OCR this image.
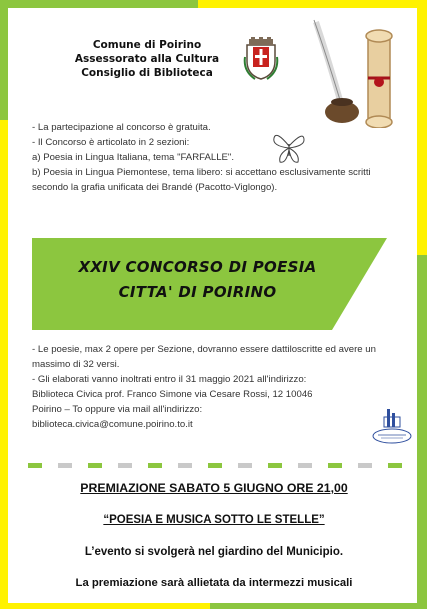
Comune di Poirino
Assessorato alla Cultura
Consiglio di Biblioteca

- La partecipazione al concorso è gratuita.

- Il Concorso è articolato in 2 sezioni:

a) Poesia in Lingua Italiana, tema "FARFALLE".

b) Poesia in Lingua Piemontese, tema libero: si accettano esclusivamente scritti secondo la grafia unificata dei Brandé (Pacotto-Viglongo).

XXIV CONCORSO DI POESIA
CITTA' DI POIRINO

- Le poesie, max 2 opere per Sezione, dovranno essere dattiloscritte ed avere un massimo di 32 versi.

- Gli elaborati vanno inoltrati entro il 31 maggio 2021 all'indirizzo:

Biblioteca Civica prof. Franco Simone via Cesare Rossi, 12 10046

Poirino – To oppure via mail all'indirizzo:

biblioteca.civica@comune.poirino.to.it

PREMIAZIONE SABATO 5 GIUGNO ORE 21,00
“POESIA E MUSICA SOTTO LE STELLE”
L’evento si svolgerà nel giardino del Municipio.
La premiazione sarà allietata da intermezzi musicali
